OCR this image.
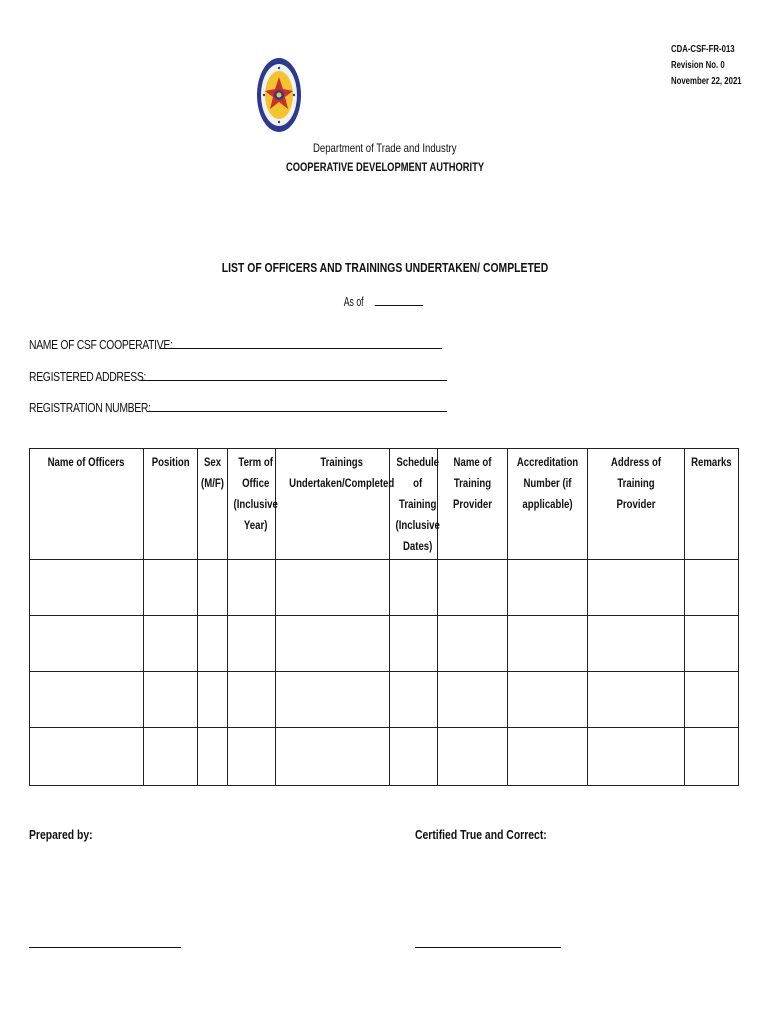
CDA-CSF-FR-013
Revision No. 0
November 22, 2021
Department of Trade and Industry
COOPERATIVE DEVELOPMENT AUTHORITY
LIST OF OFFICERS AND TRAININGS UNDERTAKEN/ COMPLETED
As of
NAME OF CSF COOPERATIVE:
REGISTERED ADDRESS:
REGISTRATION NUMBER:
Name of Officers	Position	Sex (M/F)	Term of Office (Inclusive Year)	Trainings Undertaken/Completed	Schedule of Training (Inclusive Dates)	Name of Training Provider	Accreditation Number (if applicable)	Address of Training Provider	Remarks

Prepared by:	Certified True and Correct:
